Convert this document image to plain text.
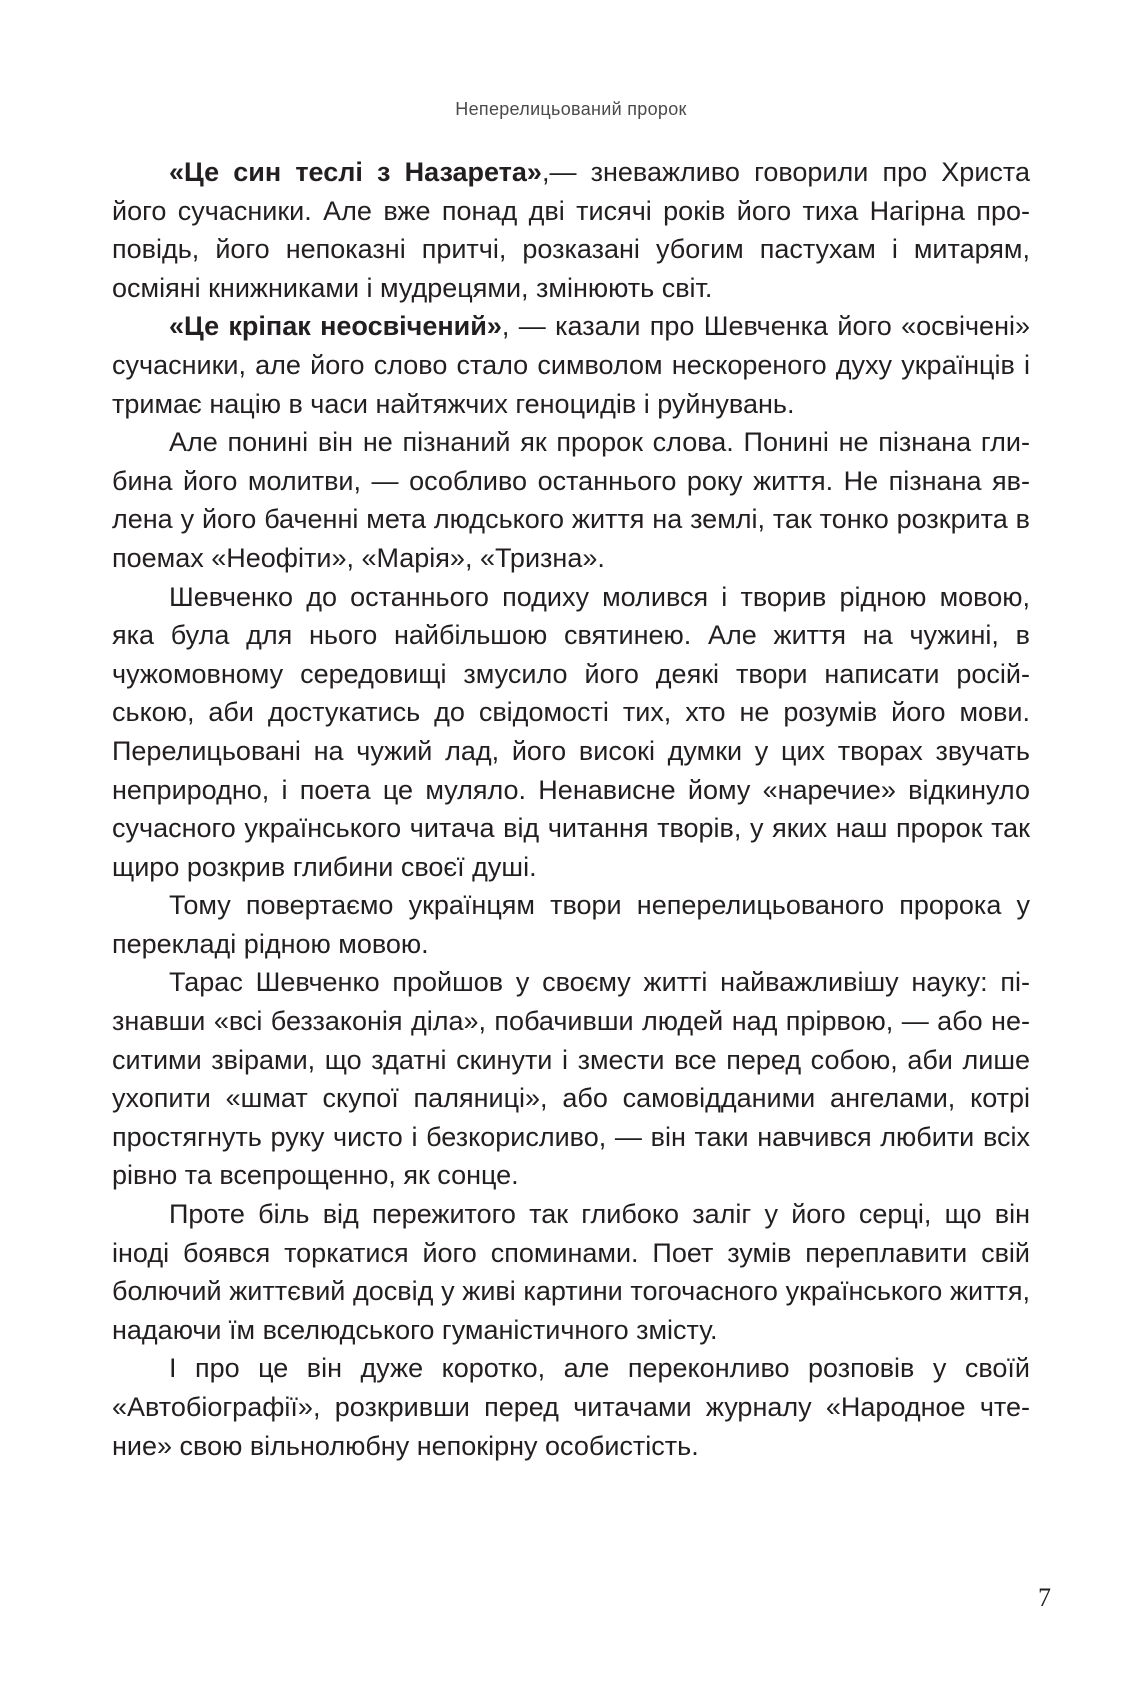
Неперелицьований пророк

«Це син теслі з Назарета»,— зневажливо говорили про Христа його сучасники. Але вже понад дві тисячі років його тиха Нагірна проповідь, його непоказні притчі, розказані убогим пастухам і митарям, осміяні книжниками і мудрецями, змінюють світ.

«Це кріпак неосвічений», — казали про Шевченка його «освічені» сучасники, але його слово стало символом нескореного духу українців і тримає націю в часи найтяжчих геноцидів і руйнувань.

Але понині він не пізнаний як пророк слова. Понині не пізнана глибина його молитви, — особливо останнього року життя. Не пізнана явлена у його баченні мета людського життя на землі, так тонко розкрита в поемах «Неофіти», «Марія», «Тризна».

Шевченко до останнього подиху молився і творив рідною мовою, яка була для нього найбільшою святинею. Але життя на чужині, в чужомовному середовищі змусило його деякі твори написати російською, аби достукатись до свідомості тих, хто не розумів його мови. Перелицьовані на чужий лад, його високі думки у цих творах звучать неприродно, і поета це муляло. Ненависне йому «наречие» відкинуло сучасного українського читача від читання творів, у яких наш пророк так щиро розкрив глибини своєї душі.

Тому повертаємо українцям твори неперелицьованого пророка у перекладі рідною мовою.

Тарас Шевченко пройшов у своєму житті найважливішу науку: пізнавши «всі беззаконія діла», побачивши людей над прірвою, — або неситими звірами, що здатні скинути і змести все перед собою, аби лише ухопити «шмат скупої паляниці», або самовідданими ангелами, котрі простягнуть руку чисто і безкорисливо, — він таки навчився любити всіх рівно та всепрощенно, як сонце.

Проте біль від пережитого так глибоко заліг у його серці, що він іноді боявся торкатися його споминами. Поет зумів переплавити свій болючий життєвий досвід у живі картини тогочасного українського життя, надаючи їм вселюдського гуманістичного змісту.

І про це він дуже коротко, але переконливо розповів у своїй «Автобіографії», розкривши перед читачами журналу «Народное чтение» свою вільнолюбну непокірну особистість.

7
